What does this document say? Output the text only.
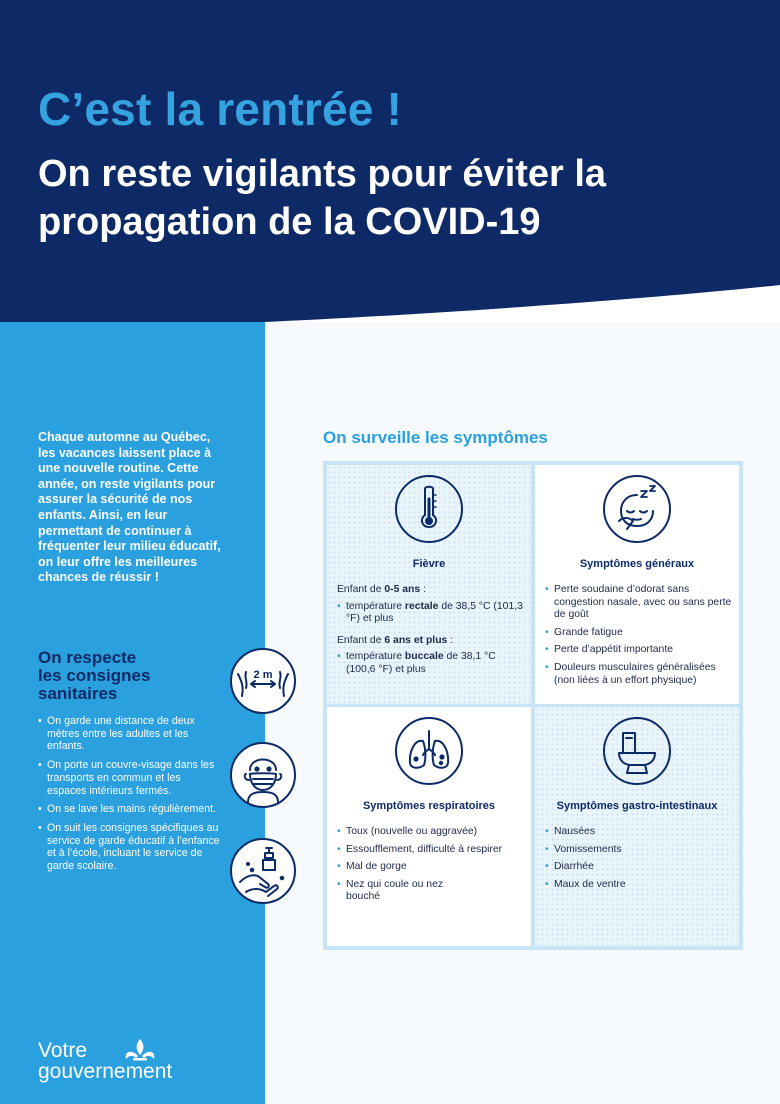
C’est la rentrée !
On reste vigilants pour éviter la propagation de la COVID-19

Chaque automne au Québec, les vacances laissent place à une nouvelle routine. Cette année, on reste vigilants pour assurer la sécurité de nos enfants. Ainsi, en leur permettant de continuer à fréquenter leur milieu éducatif, on leur offre les meilleures chances de réussir !

On respecte
les consignes
sanitaires
2 m
• On garde une distance de deux mètres entre les adultes et les enfants.
• On porte un couvre-visage dans les transports en commun et les espaces intérieurs fermés.
• On se lave les mains régulièrement.
• On suit les consignes spécifiques au service de garde éducatif à l’enfance et à l’école, incluant le service de garde scolaire.
Votre
gouvernement
On surveille les symptômes
Fièvre

Enfant de 0-5 ans :

• température rectale de 38,5 °C (101,3 °F) et plus

Enfant de 6 ans et plus :

• température buccale de 38,1 °C (100,6 °F) et plus
Symptômes généraux
• Perte soudaine d’odorat sans congestion nasale, avec ou sans perte de goût
• Grande fatigue
• Perte d’appétit importante
• Douleurs musculaires généralisées (non liées à un effort physique)
Symptômes respiratoires
• Toux (nouvelle ou aggravée)
• Essoufflement, difficulté à respirer
• Mal de gorge
• Nez qui coule ou nez bouché
Symptômes gastro-intestinaux
• Nausées
• Vomissements
• Diarrhée
• Maux de ventre
